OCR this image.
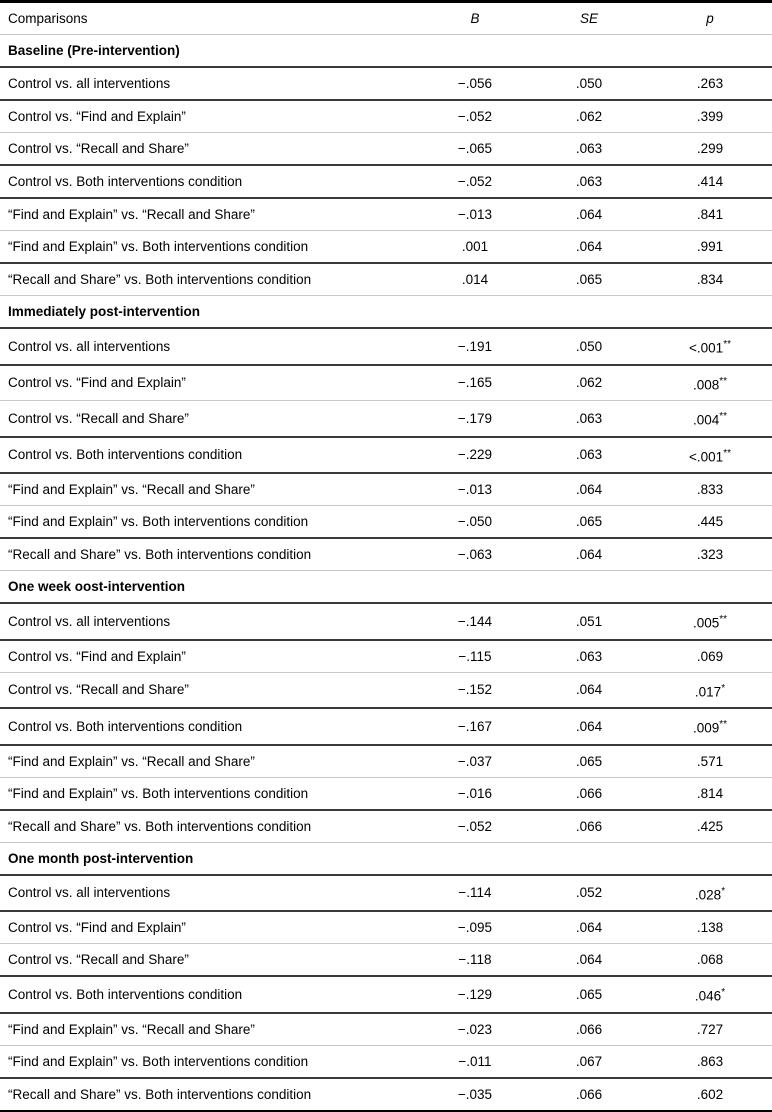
Comparisons	B	SE	p
Baseline (Pre-intervention)			
Control vs. all interventions	−.056	.050	.263
Control vs. “Find and Explain”	−.052	.062	.399
Control vs. “Recall and Share”	−.065	.063	.299
Control vs. Both interventions condition	−.052	.063	.414
“Find and Explain” vs. “Recall and Share”	−.013	.064	.841
“Find and Explain” vs. Both interventions condition	.001	.064	.991
“Recall and Share” vs. Both interventions condition	.014	.065	.834
Immediately post-intervention			
Control vs. all interventions	−.191	.050	<.001**
Control vs. “Find and Explain”	−.165	.062	.008**
Control vs. “Recall and Share”	−.179	.063	.004**
Control vs. Both interventions condition	−.229	.063	<.001**
“Find and Explain” vs. “Recall and Share”	−.013	.064	.833
“Find and Explain” vs. Both interventions condition	−.050	.065	.445
“Recall and Share” vs. Both interventions condition	−.063	.064	.323
One week oost-intervention			
Control vs. all interventions	−.144	.051	.005**
Control vs. “Find and Explain”	−.115	.063	.069
Control vs. “Recall and Share”	−.152	.064	.017*
Control vs. Both interventions condition	−.167	.064	.009**
“Find and Explain” vs. “Recall and Share”	−.037	.065	.571
“Find and Explain” vs. Both interventions condition	−.016	.066	.814
“Recall and Share” vs. Both interventions condition	−.052	.066	.425
One month post-intervention			
Control vs. all interventions	−.114	.052	.028*
Control vs. “Find and Explain”	−.095	.064	.138
Control vs. “Recall and Share”	−.118	.064	.068
Control vs. Both interventions condition	−.129	.065	.046*
“Find and Explain” vs. “Recall and Share”	−.023	.066	.727
“Find and Explain” vs. Both interventions condition	−.011	.067	.863
“Recall and Share” vs. Both interventions condition	−.035	.066	.602
